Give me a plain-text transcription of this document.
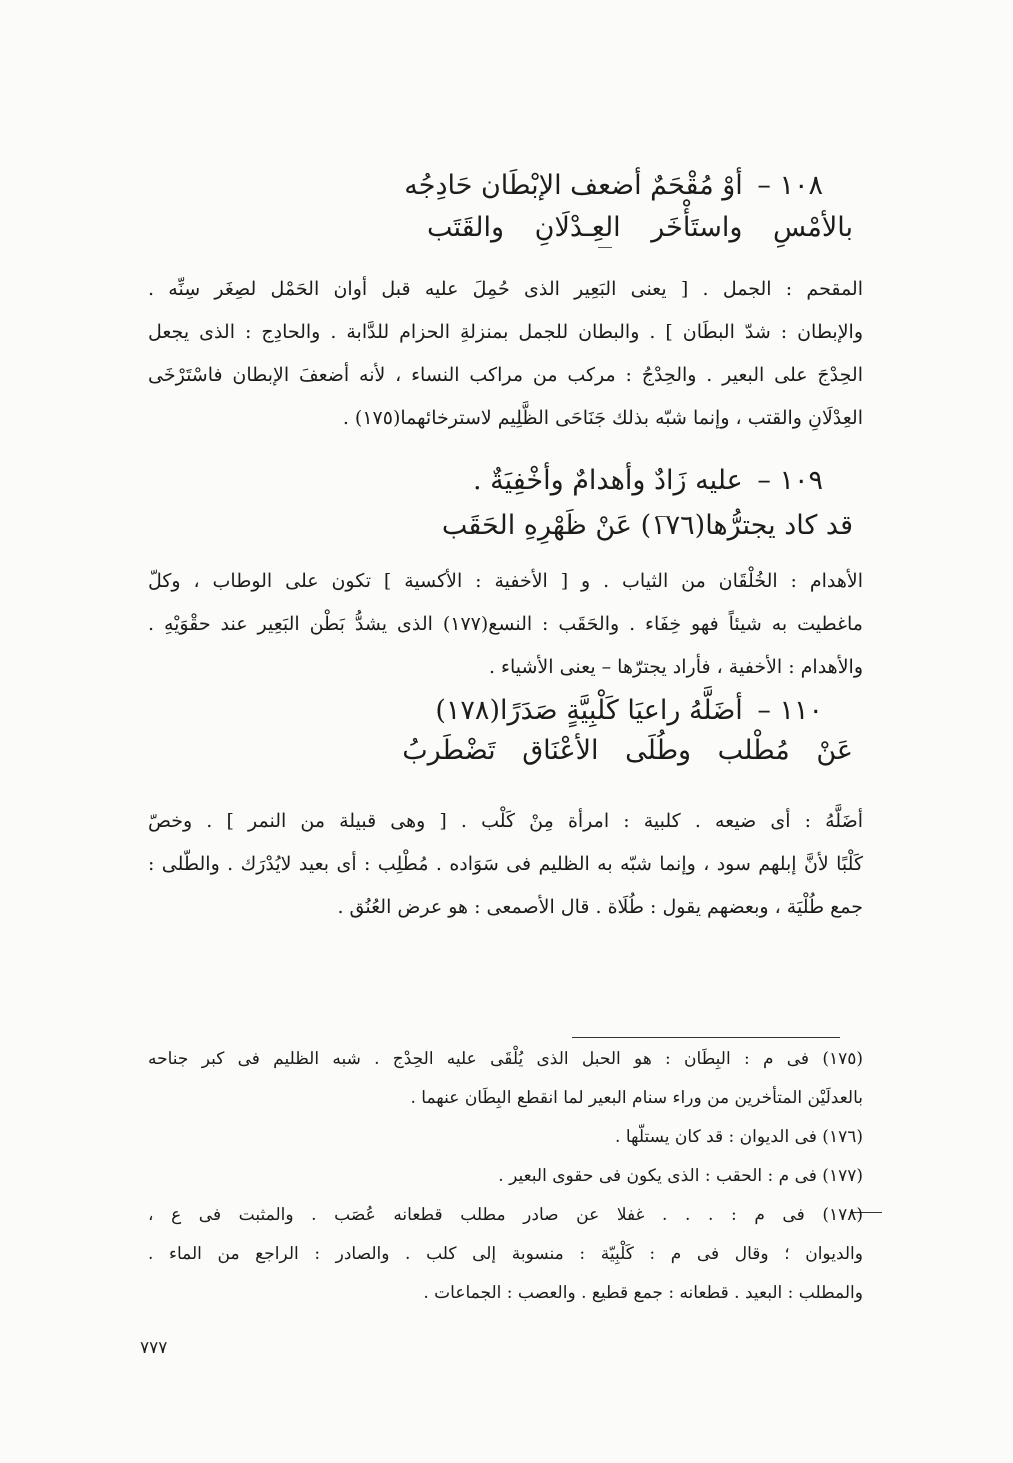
١٠٨ – أوْ مُقْحَمٌ أضعف الإبْطَان حَادِجُه
بالأمْسِ واستَأْخَر العِـدْلَانِ والقَتَب
المقحم : الجمل . [ يعنى البَعِير الذى حُمِلَ عليه قبل أوان الحَمْل لصِغَر سِنِّه .
والإبطان : شدّ البطَان ] . والبطان للجمل بمنزلةِ الحزام للدَّابة . والحادِج : الذى يجعل
الحِدْجَ على البعير . والحِدْجُ : مركب من مراكب النساء ، لأنه أضعفَ الإبطان فاسْتَرْخَى
العِدْلَانِ والقتب ، وإنما شبّه بذلك جَنَاحَى الظَّلِيم لاسترخائهما(١٧٥) .
١٠٩ – عليه زَادٌ وأهدامٌ وأخْفِيَةٌ .
قد كاد يجترُّها(١٧٦) عَنْ ظَهْرِهِ الحَقَب
الأهدام : الخُلْقَان من الثياب . و [ الأخفية : الأكسية ] تكون على الوطاب ، وكلّ
ماغطيت به شيئاً فهو خِفَاء . والحَقَب : النسع(١٧٧) الذى يشدُّ بَطْن البَعِير عند حقْوَيْهِ .
والأهدام : الأخفية ، فأراد يجترّها – يعنى الأشياء .
١١٠ – أضَلَّهُ راعيَا كَلْبِيَّةٍ صَدَرًا(١٧٨)
عَنْ مُطْلب وطُلَى الأعْنَاق تَضْطَربُ
أضَلَّهُ : أى ضيعه . كلبية : امرأة مِنْ كَلْب . [ وهى قبيلة من النمر ] . وخصّ
كَلْبًا لأنَّ إبلهم سود ، وإنما شبّه به الظليم فى سَوَاده . مُطْلِب : أى بعيد لايُدْرَك . والطّلى :
جمع طُلْيَة ، وبعضهم يقول : طُلَاة . قال الأصمعى : هو عرض العُنُق .
(١٧٥) فى م : البِطَان : هو الحبل الذى يُلْقَى عليه الحِدْج . شبه الظليم فى كبر جناحه
بالعدلَيْن المتأخرين من وراء سنام البعير لما انقطع البِطَان عنهما .
(١٧٦) فى الديوان : قد كان يستلّها .
(١٧٧) فى م : الحقب : الذى يكون فى حقوى البعير .
(١٧٨) فى م : . . . غفلا عن صادر مطلب قطعانه عُصَب . والمثبت فى ع ،
والديوان ؛ وقال فى م : كَلْبِيّة : منسوبة إلى كلب . والصادر : الراجع من الماء .
والمطلب : البعيد . قطعانه : جمع قطيع . والعصب : الجماعات .
٧٧٧
